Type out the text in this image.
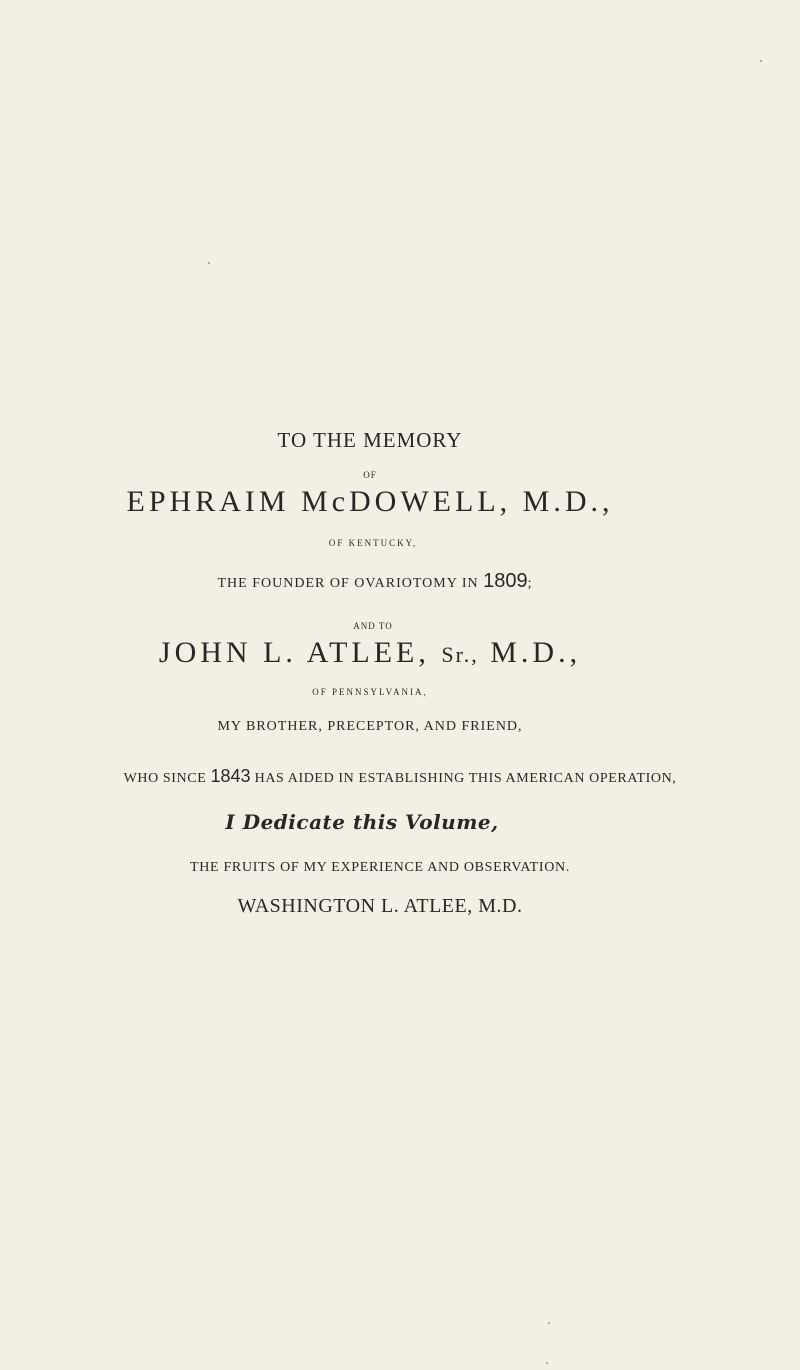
TO THE MEMORY
OF
EPHRAIM McDOWELL, M.D.,
OF KENTUCKY,
THE FOUNDER OF OVARIOTOMY IN 1809;
AND TO
JOHN L. ATLEE, Sr., M.D.,
OF PENNSYLVANIA,
MY BROTHER, PRECEPTOR, AND FRIEND,
WHO SINCE 1843 HAS AIDED IN ESTABLISHING THIS AMERICAN OPERATION,
I Dedicate this Volume,
THE FRUITS OF MY EXPERIENCE AND OBSERVATION.
WASHINGTON L. ATLEE, M.D.
